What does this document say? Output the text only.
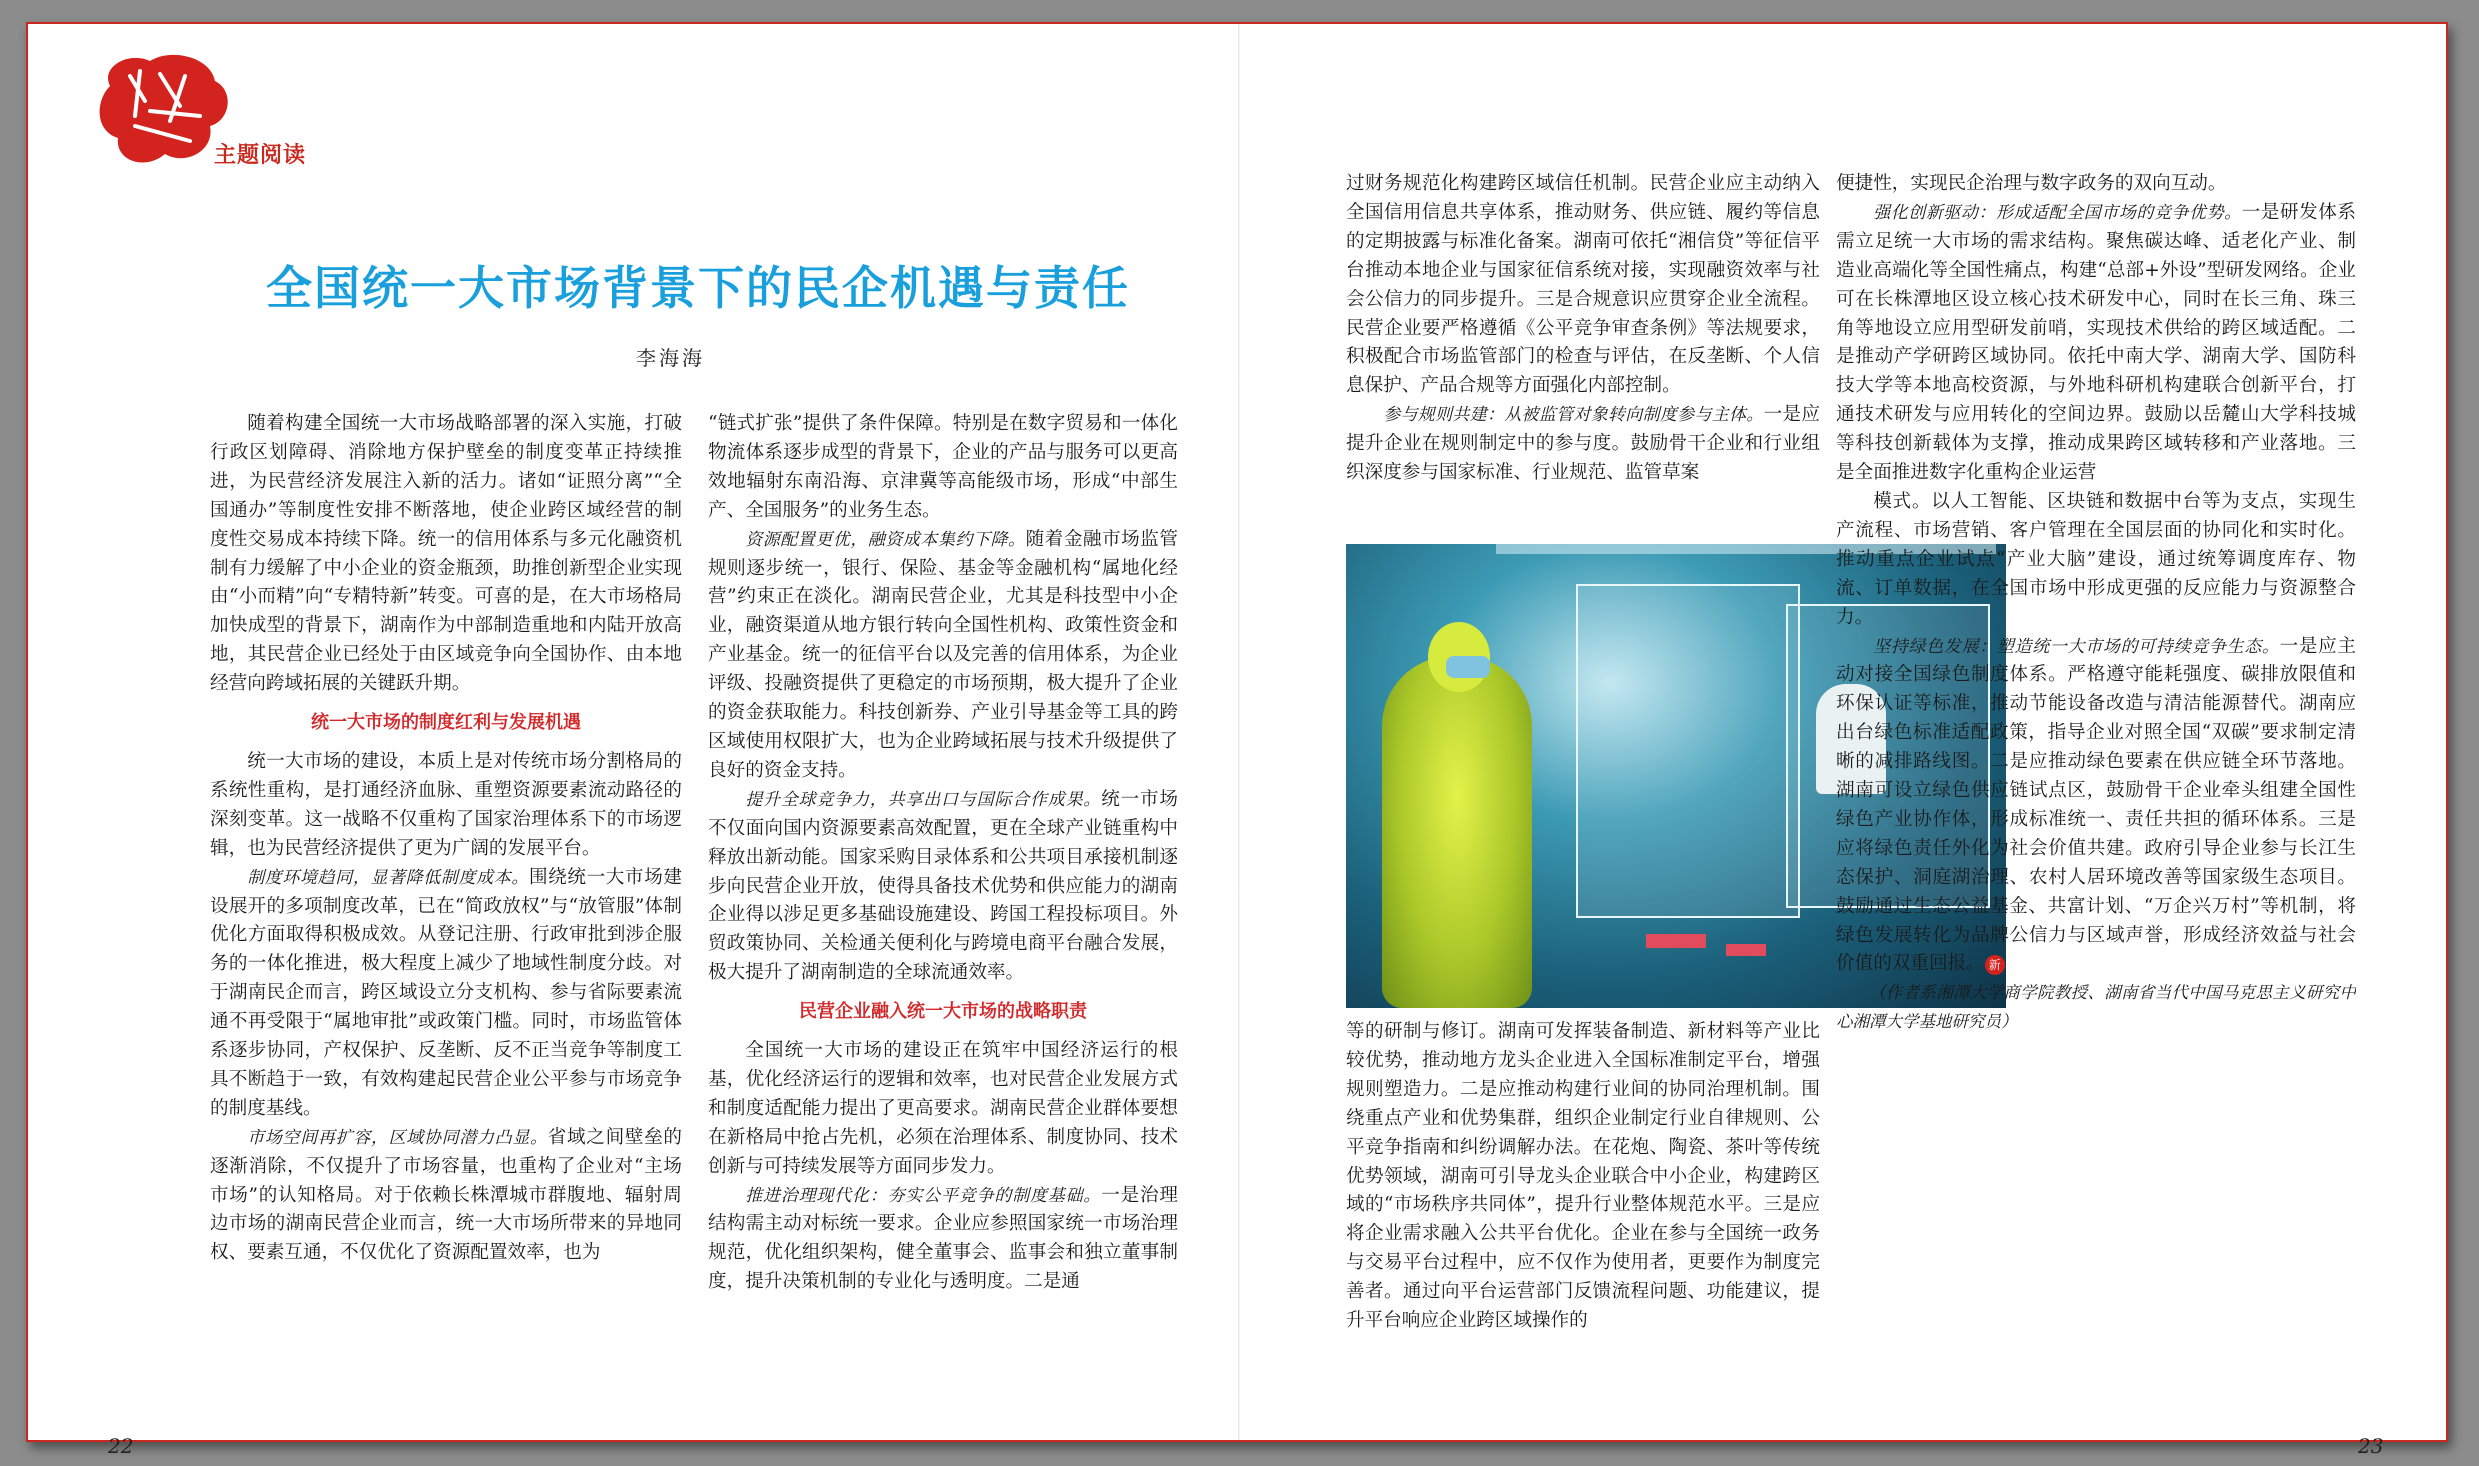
主题阅读
全国统一大市场背景下的民企机遇与责任
李海海

随着构建全国统一大市场战略部署的深入实施，打破行政区划障碍、消除地方保护壁垒的制度变革正持续推进，为民营经济发展注入新的活力。诸如“证照分离”“全国通办”等制度性安排不断落地，使企业跨区域经营的制度性交易成本持续下降。统一的信用体系与多元化融资机制有力缓解了中小企业的资金瓶颈，助推创新型企业实现由“小而精”向“专精特新”转变。可喜的是，在大市场格局加快成型的背景下，湖南作为中部制造重地和内陆开放高地，其民营企业已经处于由区域竞争向全国协作、由本地经营向跨域拓展的关键跃升期。

统一大市场的制度红利与发展机遇

统一大市场的建设，本质上是对传统市场分割格局的系统性重构，是打通经济血脉、重塑资源要素流动路径的深刻变革。这一战略不仅重构了国家治理体系下的市场逻辑，也为民营经济提供了更为广阔的发展平台。

制度环境趋同，显著降低制度成本。围绕统一大市场建设展开的多项制度改革，已在“简政放权”与“放管服”体制优化方面取得积极成效。从登记注册、行政审批到涉企服务的一体化推进，极大程度上减少了地域性制度分歧。对于湖南民企而言，跨区域设立分支机构、参与省际要素流通不再受限于“属地审批”或政策门槛。同时，市场监管体系逐步协同，产权保护、反垄断、反不正当竞争等制度工具不断趋于一致，有效构建起民营企业公平参与市场竞争的制度基线。

市场空间再扩容，区域协同潜力凸显。省域之间壁垒的逐渐消除，不仅提升了市场容量，也重构了企业对“主场市场”的认知格局。对于依赖长株潭城市群腹地、辐射周边市场的湖南民营企业而言，统一大市场所带来的异地同权、要素互通，不仅优化了资源配置效率，也为

“链式扩张”提供了条件保障。特别是在数字贸易和一体化物流体系逐步成型的背景下，企业的产品与服务可以更高效地辐射东南沿海、京津冀等高能级市场，形成“中部生产、全国服务”的业务生态。

资源配置更优，融资成本集约下降。随着金融市场监管规则逐步统一，银行、保险、基金等金融机构“属地化经营”约束正在淡化。湖南民营企业，尤其是科技型中小企业，融资渠道从地方银行转向全国性机构、政策性资金和产业基金。统一的征信平台以及完善的信用体系，为企业评级、投融资提供了更稳定的市场预期，极大提升了企业的资金获取能力。科技创新券、产业引导基金等工具的跨区域使用权限扩大，也为企业跨域拓展与技术升级提供了良好的资金支持。

提升全球竞争力，共享出口与国际合作成果。统一市场不仅面向国内资源要素高效配置，更在全球产业链重构中释放出新动能。国家采购目录体系和公共项目承接机制逐步向民营企业开放，使得具备技术优势和供应能力的湖南企业得以涉足更多基础设施建设、跨国工程投标项目。外贸政策协同、关检通关便利化与跨境电商平台融合发展，极大提升了湖南制造的全球流通效率。

民营企业融入统一大市场的战略职责

全国统一大市场的建设正在筑牢中国经济运行的根基，优化经济运行的逻辑和效率，也对民营企业发展方式和制度适配能力提出了更高要求。湖南民营企业群体要想在新格局中抢占先机，必须在治理体系、制度协同、技术创新与可持续发展等方面同步发力。

推进治理现代化：夯实公平竞争的制度基础。一是治理结构需主动对标统一要求。企业应参照国家统一市场治理规范，优化组织架构，健全董事会、监事会和独立董事制度，提升决策机制的专业化与透明度。二是通

过财务规范化构建跨区域信任机制。民营企业应主动纳入全国信用信息共享体系，推动财务、供应链、履约等信息的定期披露与标准化备案。湖南可依托“湘信贷”等征信平台推动本地企业与国家征信系统对接，实现融资效率与社会公信力的同步提升。三是合规意识应贯穿企业全流程。民营企业要严格遵循《公平竞争审查条例》等法规要求，积极配合市场监管部门的检查与评估，在反垄断、个人信息保护、产品合规等方面强化内部控制。

参与规则共建：从被监管对象转向制度参与主体。一是应提升企业在规则制定中的参与度。鼓励骨干企业和行业组织深度参与国家标准、行业规范、监管草案

等的研制与修订。湖南可发挥装备制造、新材料等产业比较优势，推动地方龙头企业进入全国标准制定平台，增强规则塑造力。二是应推动构建行业间的协同治理机制。围绕重点产业和优势集群，组织企业制定行业自律规则、公平竞争指南和纠纷调解办法。在花炮、陶瓷、茶叶等传统优势领域，湖南可引导龙头企业联合中小企业，构建跨区域的“市场秩序共同体”，提升行业整体规范水平。三是应将企业需求融入公共平台优化。企业在参与全国统一政务与交易平台过程中，应不仅作为使用者，更要作为制度完善者。通过向平台运营部门反馈流程问题、功能建议，提升平台响应企业跨区域操作的

便捷性，实现民企治理与数字政务的双向互动。

强化创新驱动：形成适配全国市场的竞争优势。一是研发体系需立足统一大市场的需求结构。聚焦碳达峰、适老化产业、制造业高端化等全国性痛点，构建“总部+外设”型研发网络。企业可在长株潭地区设立核心技术研发中心，同时在长三角、珠三角等地设立应用型研发前哨，实现技术供给的跨区域适配。二是推动产学研跨区域协同。依托中南大学、湖南大学、国防科技大学等本地高校资源，与外地科研机构建联合创新平台，打通技术研发与应用转化的空间边界。鼓励以岳麓山大学科技城等科技创新载体为支撑，推动成果跨区域转移和产业落地。三是全面推进数字化重构企业运营

模式。以人工智能、区块链和数据中台等为支点，实现生产流程、市场营销、客户管理在全国层面的协同化和实时化。推动重点企业试点“产业大脑”建设，通过统筹调度库存、物流、订单数据，在全国市场中形成更强的反应能力与资源整合力。

坚持绿色发展：塑造统一大市场的可持续竞争生态。一是应主动对接全国绿色制度体系。严格遵守能耗强度、碳排放限值和环保认证等标准，推动节能设备改造与清洁能源替代。湖南应出台绿色标准适配政策，指导企业对照全国“双碳”要求制定清晰的减排路线图。二是应推动绿色要素在供应链全环节落地。湖南可设立绿色供应链试点区，鼓励骨干企业牵头组建全国性绿色产业协作体，形成标准统一、责任共担的循环体系。三是应将绿色责任外化为社会价值共建。政府引导企业参与长江生态保护、洞庭湖治理、农村人居环境改善等国家级生态项目。鼓励通过生态公益基金、共富计划、“万企兴万村”等机制，将绿色发展转化为品牌公信力与区域声誉，形成经济效益与社会价值的双重回报。 新

（作者系湘潭大学商学院教授、湖南省当代中国马克思主义研究中心湘潭大学基地研究员）

22	23
